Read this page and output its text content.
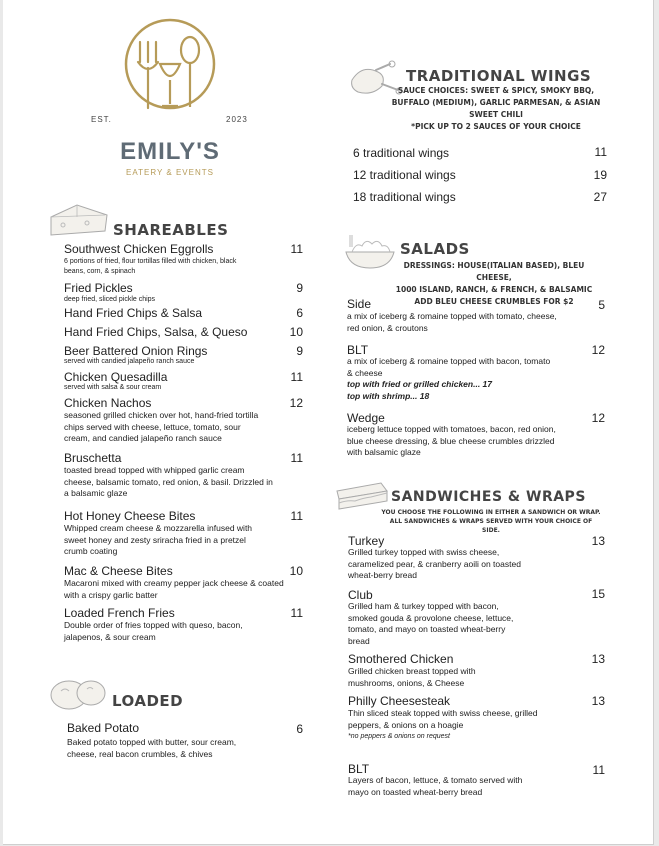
EST.	2023
EMILY'S
EATERY & EVENTS
SHAREABLES
Southwest Chicken Eggrolls	11
6 portions of fried, flour tortillas filled with chicken, black beans, corn, & spinach
Fried Pickles	9
deep fried, sliced pickle chips
Hand Fried Chips & Salsa	6
Hand Fried Chips, Salsa, & Queso	10
Beer Battered Onion Rings	9
served with candied jalapeño ranch sauce
Chicken Quesadilla	11
served with salsa & sour cream
Chicken Nachos	12
seasoned grilled chicken over hot, hand-fried tortilla chips served with cheese, lettuce, tomato, sour cream, and candied jalapeño ranch sauce
Bruschetta	11
toasted bread topped with whipped garlic cream cheese, balsamic tomato, red onion, & basil. Drizzled in a balsamic glaze
Hot Honey Cheese Bites	11
Whipped cream cheese & mozzarella infused with sweet honey and zesty sriracha fried in a pretzel crumb coating
Mac & Cheese Bites	10
Macaroni mixed with creamy pepper jack cheese & coated with a crispy garlic batter
Loaded French Fries	11
Double order of fries topped with queso, bacon, jalapenos, & sour cream
LOADED
Baked Potato	6
Baked potato topped with butter, sour cream, cheese, real bacon crumbles, & chives
TRADITIONAL WINGS
SAUCE CHOICES: SWEET & SPICY, SMOKY BBQ,
BUFFALO (MEDIUM), GARLIC PARMESAN, & ASIAN
SWEET CHILI
*PICK UP TO 2 SAUCES OF YOUR CHOICE
6 traditional wings	11
12 traditional wings	19
18 traditional wings	27
SALADS
DRESSINGS: HOUSE(ITALIAN BASED), BLEU CHEESE,
1000 ISLAND, RANCH, & FRENCH, & BALSAMIC
ADD BLEU CHEESE CRUMBLES FOR $2
Side	5
a mix of iceberg & romaine topped with tomato, cheese, red onion, & croutons
BLT	12
a mix of iceberg & romaine topped with bacon, tomato & cheese
top with fried or grilled chicken... 17
top with shrimp... 18
Wedge	12
iceberg lettuce topped with tomatoes, bacon, red onion, blue cheese dressing, & blue cheese crumbles drizzled with balsamic glaze
SANDWICHES & WRAPS
YOU CHOOSE THE FOLLOWING IN EITHER A SANDWICH OR WRAP.
ALL SANDWICHES & WRAPS SERVED WITH YOUR CHOICE OF SIDE.
Turkey	13
Grilled turkey topped with swiss cheese, caramelized pear, & cranberry aoili on toasted wheat-berry bread
Club	15
Grilled ham & turkey topped with bacon, smoked gouda & provolone cheese, lettuce, tomato, and mayo on toasted wheat-berry bread
Smothered Chicken	13
Grilled chicken breast topped with mushrooms, onions, & Cheese
Philly Cheesesteak	13
Thin sliced steak topped with swiss cheese, grilled peppers, & onions on a hoagie
*no peppers & onions on request
BLT	11
Layers of bacon, lettuce, & tomato served with mayo on toasted wheat-berry bread
